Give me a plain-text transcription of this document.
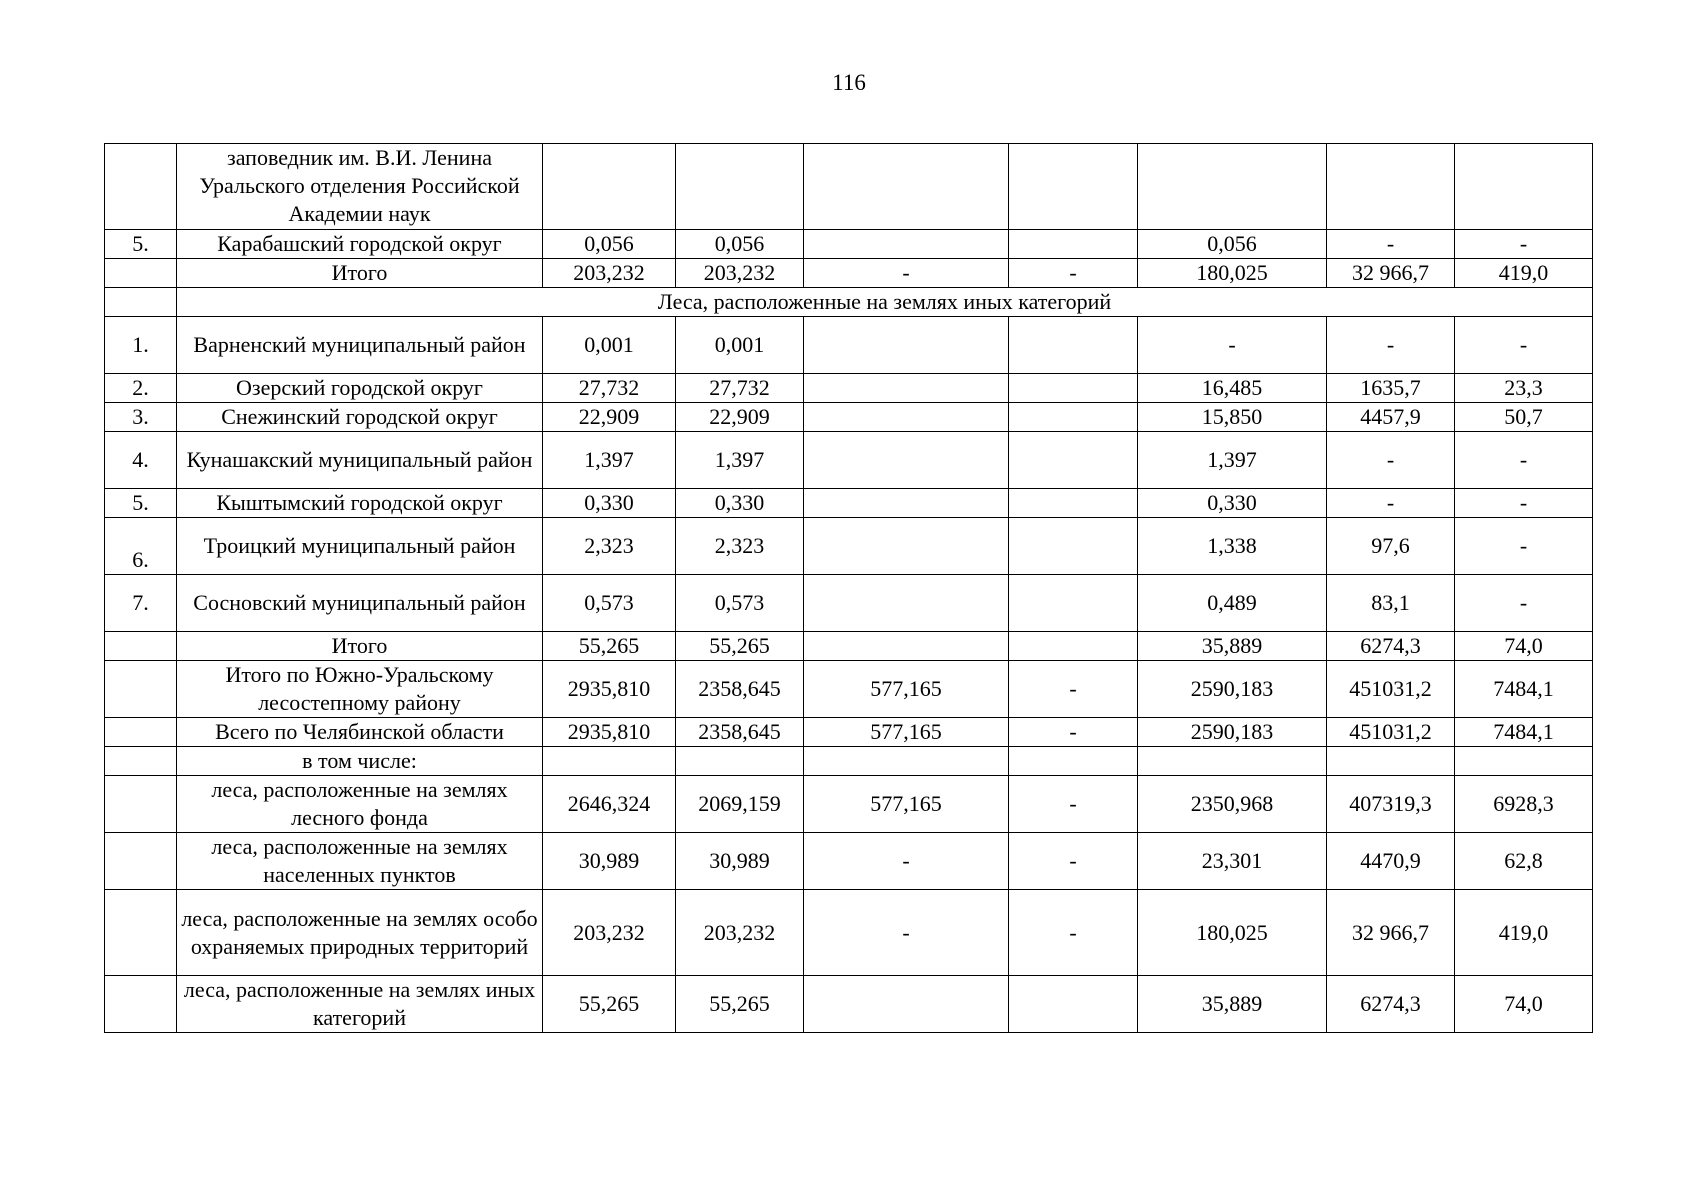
116
	заповедник им. В.И. Ленина Уральского отделения Российской Академии наук							
5.	Карабашский городской округ	0,056	0,056			0,056	-	-
	Итого	203,232	203,232	-	-	180,025	32 966,7	419,0
	Леса, расположенные на землях иных категорий							
1.	Варненский муниципальный район	0,001	0,001			-	-	-
2.	Озерский городской округ	27,732	27,732			16,485	1635,7	23,3
3.	Снежинский городской округ	22,909	22,909			15,850	4457,9	50,7
4.	Кунашакский муниципальный район	1,397	1,397			1,397	-	-
5.	Кыштымский городской округ	0,330	0,330			0,330	-	-
6.	Троицкий муниципальный район	2,323	2,323			1,338	97,6	-
7.	Сосновский муниципальный район	0,573	0,573			0,489	83,1	-
	Итого	55,265	55,265			35,889	6274,3	74,0
	Итого по Южно-Уральскому лесостепному району	2935,810	2358,645	577,165	-	2590,183	451031,2	7484,1
	Всего по Челябинской области	2935,810	2358,645	577,165	-	2590,183	451031,2	7484,1
	в том числе:							
	леса, расположенные на землях лесного фонда	2646,324	2069,159	577,165	-	2350,968	407319,3	6928,3
	леса, расположенные на землях населенных пунктов	30,989	30,989	-	-	23,301	4470,9	62,8
	леса, расположенные на землях особо охраняемых природных территорий	203,232	203,232	-	-	180,025	32 966,7	419,0
	леса, расположенные на землях иных категорий	55,265	55,265			35,889	6274,3	74,0
